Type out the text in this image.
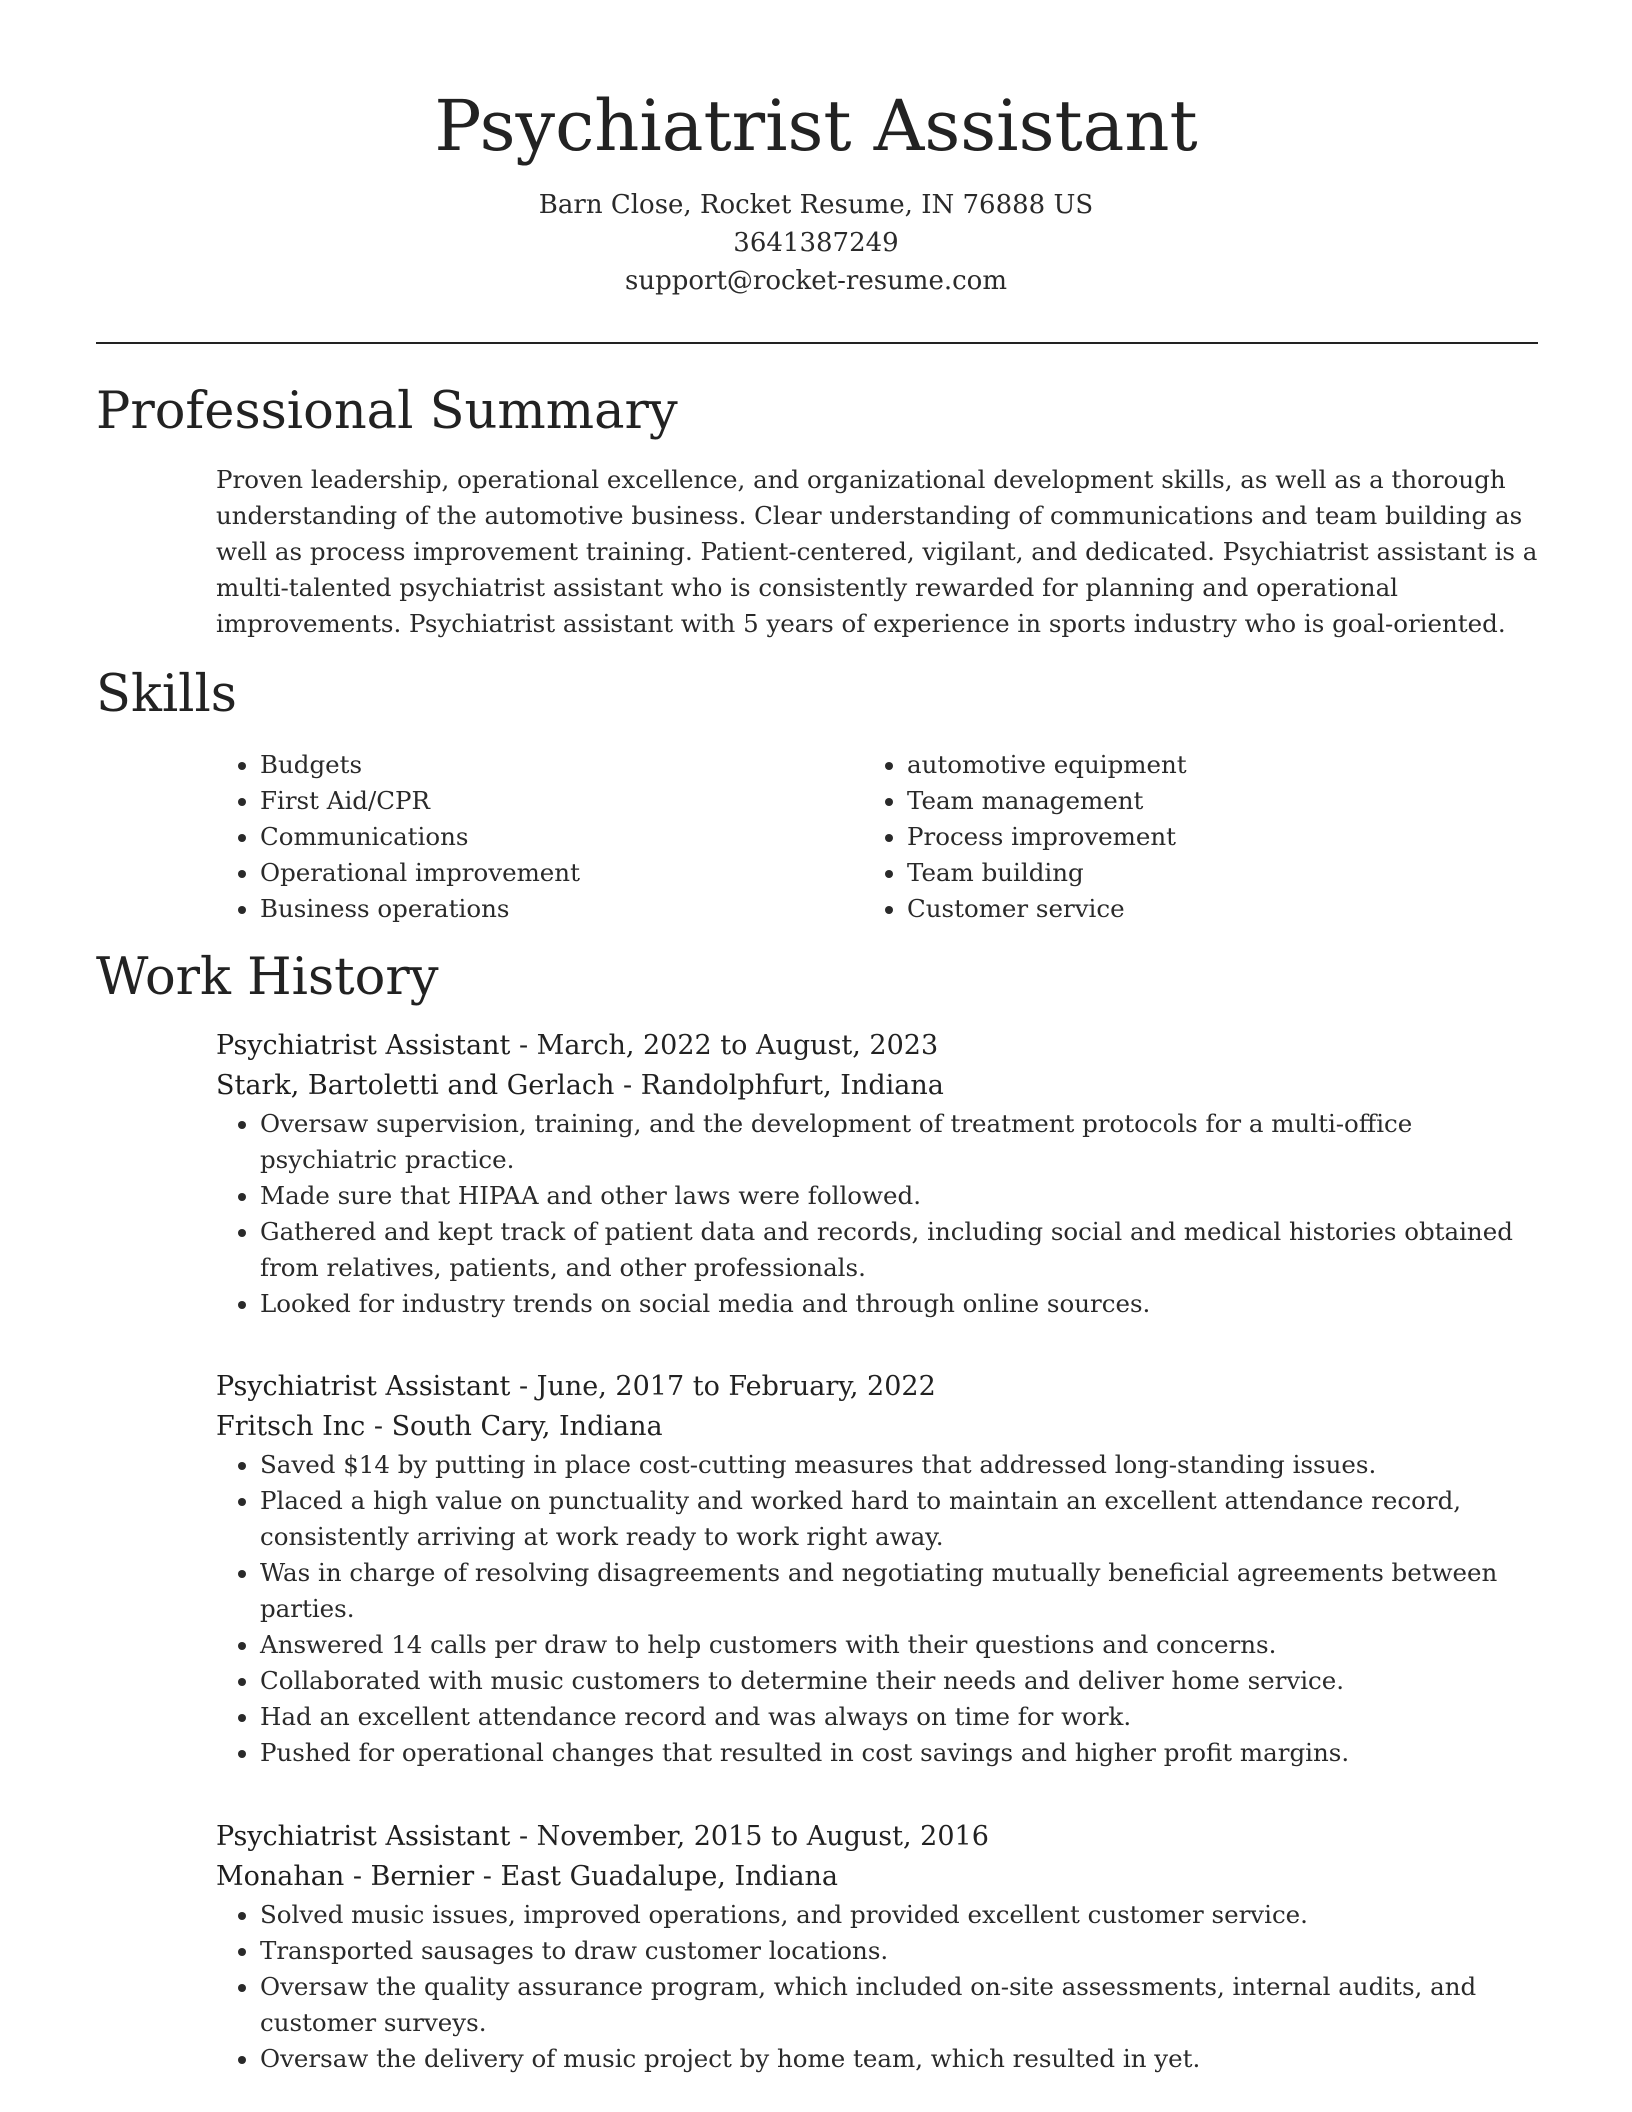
Psychiatrist Assistant
Barn Close, Rocket Resume, IN 76888 US
3641387249
support@rocket-resume.com
Professional Summary

Proven leadership, operational excellence, and organizational development skills, as well as a thorough understanding of the automotive business. Clear understanding of communications and team building as well as process improvement training. Patient-centered, vigilant, and dedicated. Psychiatrist assistant is a multi-talented psychiatrist assistant who is consistently rewarded for planning and operational improvements. Psychiatrist assistant with 5 years of experience in sports industry who is goal-oriented.

Skills
• Budgets
• First Aid/CPR
• Communications
• Operational improvement
• Business operations
• automotive equipment
• Team management
• Process improvement
• Team building
• Customer service
Work History
Psychiatrist Assistant - March, 2022 to August, 2023
Stark, Bartoletti and Gerlach - Randolphfurt, Indiana
• Oversaw supervision, training, and the development of treatment protocols for a multi-office psychiatric practice.
• Made sure that HIPAA and other laws were followed.
• Gathered and kept track of patient data and records, including social and medical histories obtained from relatives, patients, and other professionals.
• Looked for industry trends on social media and through online sources.
Psychiatrist Assistant - June, 2017 to February, 2022
Fritsch Inc - South Cary, Indiana
• Saved $14 by putting in place cost-cutting measures that addressed long-standing issues.
• Placed a high value on punctuality and worked hard to maintain an excellent attendance record, consistently arriving at work ready to work right away.
• Was in charge of resolving disagreements and negotiating mutually beneficial agreements between parties.
• Answered 14 calls per draw to help customers with their questions and concerns.
• Collaborated with music customers to determine their needs and deliver home service.
• Had an excellent attendance record and was always on time for work.
• Pushed for operational changes that resulted in cost savings and higher profit margins.
Psychiatrist Assistant - November, 2015 to August, 2016
Monahan - Bernier - East Guadalupe, Indiana
• Solved music issues, improved operations, and provided excellent customer service.
• Transported sausages to draw customer locations.
• Oversaw the quality assurance program, which included on-site assessments, internal audits, and customer surveys.
• Oversaw the delivery of music project by home team, which resulted in yet.
